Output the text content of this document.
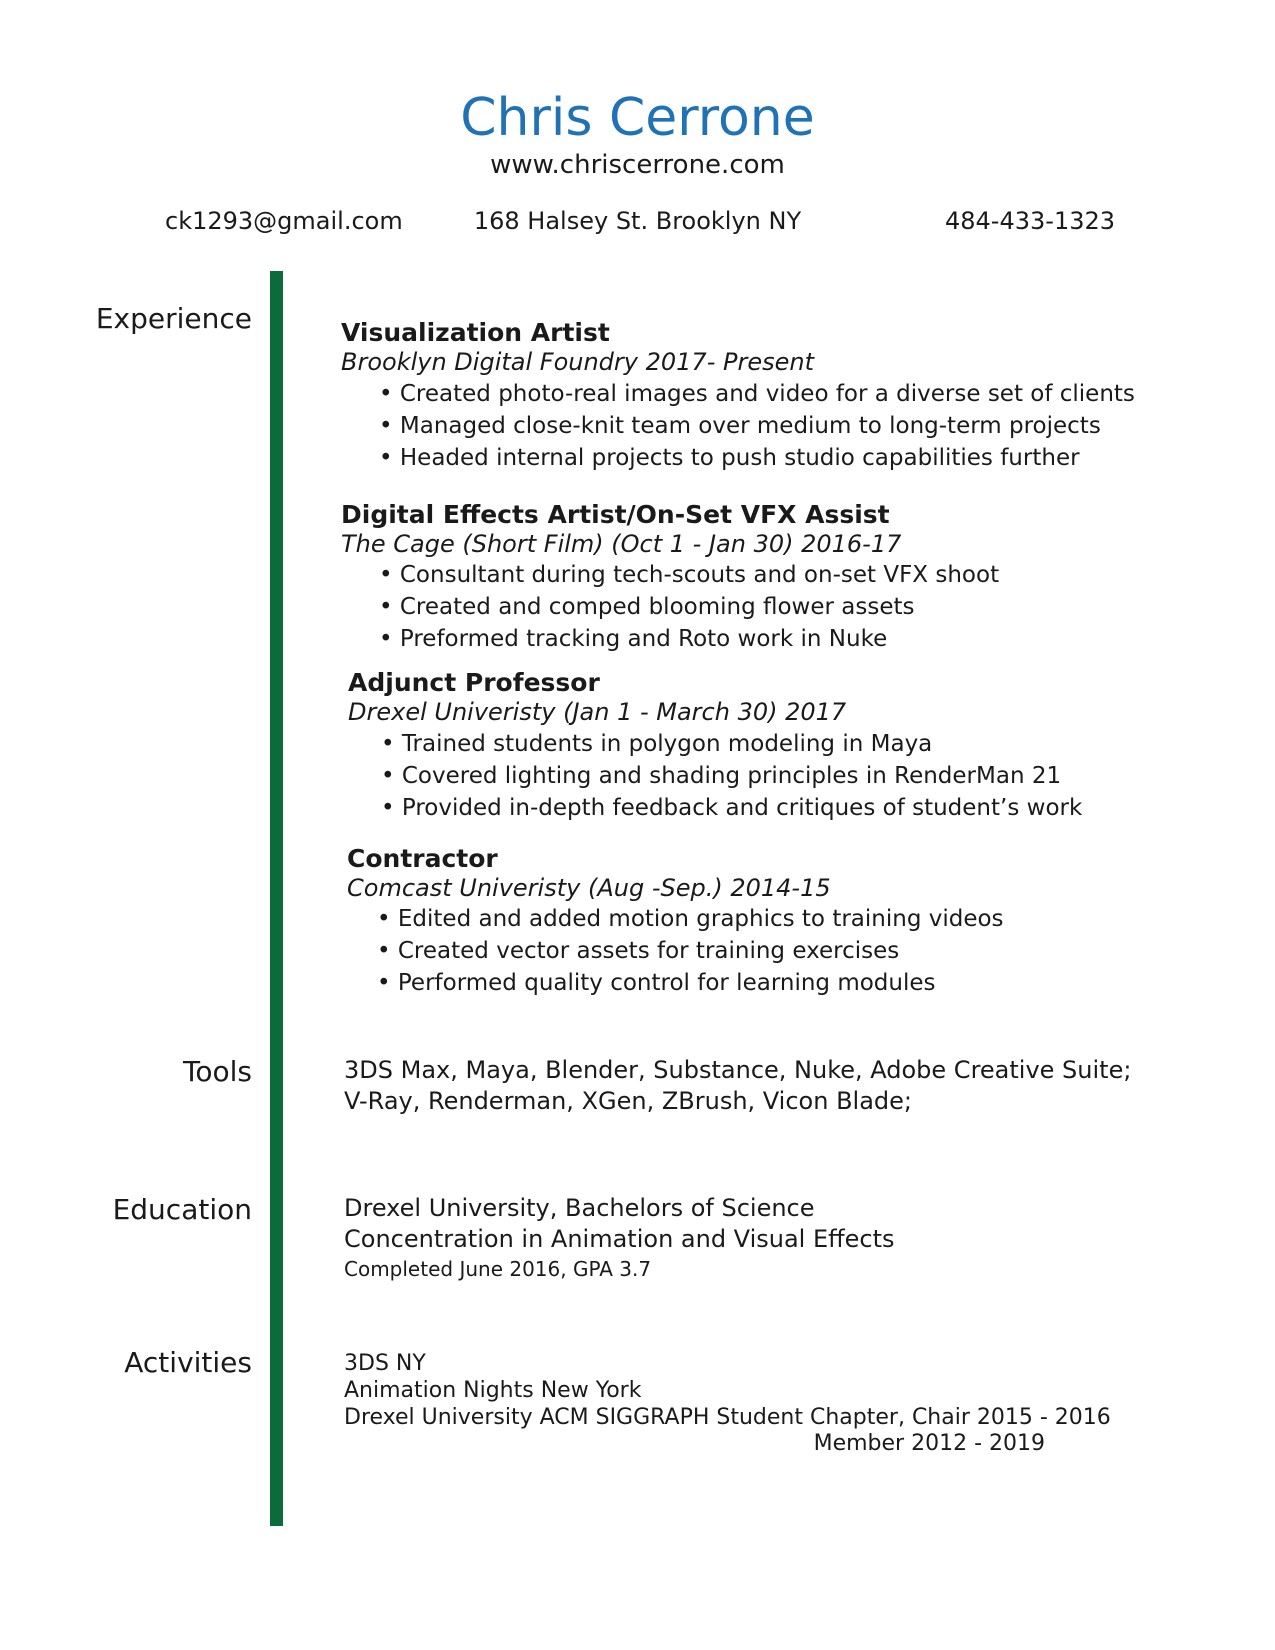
Chris Cerrone
www.chriscerrone.com
ck1293@gmail.com	168 Halsey St. Brooklyn NY	484-433-1323
Experience
Tools
Education
Activities
Visualization Artist
Brooklyn Digital Foundry 2017- Present
• Created photo-real images and video for a diverse set of clients
• Managed close-knit team over medium to long-term projects
• Headed internal projects to push studio capabilities further
Digital Effects Artist/On-Set VFX Assist
The Cage (Short Film) (Oct 1 - Jan 30) 2016-17
• Consultant during tech-scouts and on-set VFX shoot
• Created and comped blooming flower assets
• Preformed tracking and Roto work in Nuke
Adjunct Professor
Drexel Univeristy (Jan 1 - March 30) 2017
• Trained students in polygon modeling in Maya
• Covered lighting and shading principles in RenderMan 21
• Provided in-depth feedback and critiques of student’s work
Contractor
Comcast Univeristy (Aug -Sep.) 2014-15
• Edited and added motion graphics to training videos
• Created vector assets for training exercises
• Performed quality control for learning modules
3DS Max, Maya, Blender, Substance, Nuke, Adobe Creative Suite;
V-Ray, Renderman, XGen, ZBrush, Vicon Blade;
Drexel University, Bachelors of Science
Concentration in Animation and Visual Effects
Completed June 2016, GPA 3.7
3DS NY
Animation Nights New York
Drexel University ACM SIGGRAPH Student Chapter, Chair 2015 - 2016
Member 2012 - 2019
